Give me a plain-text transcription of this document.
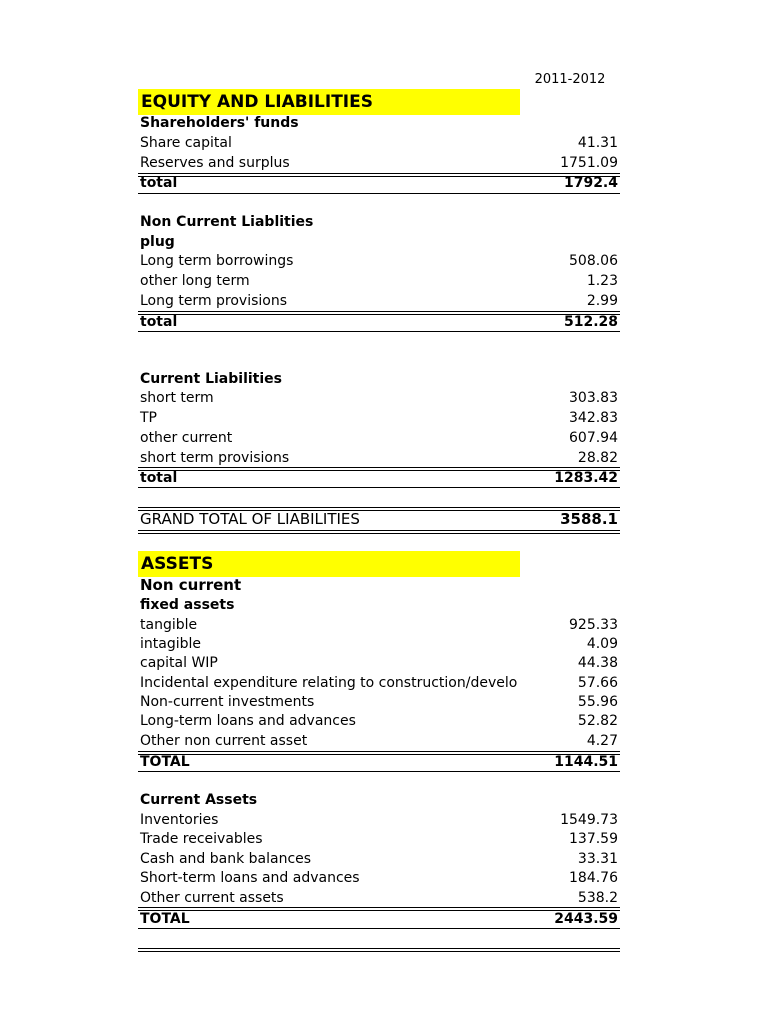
2011-2012
EQUITY AND LIABILITIES
Shareholders' funds
Share capital	41.31
Reserves and surplus	1751.09
total	1792.4
Non Current Liablities
plug
Long term borrowings	508.06
other long term	1.23
Long term provisions	2.99
total	512.28
Current Liabilities
short term	303.83
TP	342.83
other current	607.94
short term provisions	28.82
total	1283.42
GRAND TOTAL OF LIABILITIES	3588.1
ASSETS
Non current
fixed assets
tangible	925.33
intagible	4.09
capital WIP	44.38
Incidental expenditure relating to construction/develo	57.66
Non-current investments	55.96
Long-term loans and advances	52.82
Other non current asset	4.27
TOTAL	1144.51
Current Assets
Inventories	1549.73
Trade receivables	137.59
Cash and bank balances	33.31
Short-term loans and advances	184.76
Other current assets	538.2
TOTAL	2443.59
